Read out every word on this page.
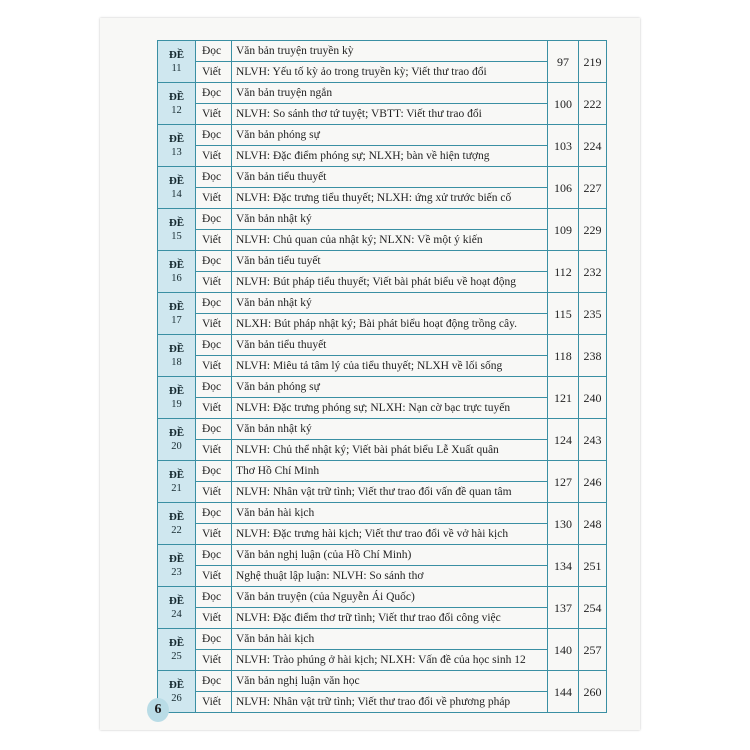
ĐỀ
11	Đọc	Văn bản truyện truyền kỳ	97	219
	Viết	NLVH: Yếu tố kỳ ảo trong truyền kỳ; Viết thư trao đổi		

ĐỀ
12	Đọc	Văn bản truyện ngắn	100	222
	Viết	NLVH: So sánh thơ tứ tuyệt; VBTT: Viết thư trao đổi		

ĐỀ
13	Đọc	Văn bản phóng sự	103	224
	Viết	NLVH: Đặc điểm phóng sự; NLXH; bàn về hiện tượng		

ĐỀ
14	Đọc	Văn bản tiểu thuyết	106	227
	Viết	NLVH: Đặc trưng tiểu thuyết; NLXH: ứng xử trước biến cố		

ĐỀ
15	Đọc	Văn bản nhật ký	109	229
	Viết	NLVH: Chủ quan của nhật ký; NLXN: Về một ý kiến		

ĐỀ
16	Đọc	Văn bản tiểu tuyết	112	232
	Viết	NLVH: Bút pháp tiểu thuyết; Viết bài phát biểu về hoạt động		

ĐỀ
17	Đọc	Văn bản nhật ký	115	235
	Viết	NLXH: Bút pháp nhật ký; Bài phát biểu hoạt động trồng cây.		

ĐỀ
18	Đọc	Văn bản tiểu thuyết	118	238
	Viết	NLVH: Miêu tả tâm lý của tiểu thuyết; NLXH về lối sống		

ĐỀ
19	Đọc	Văn bản phóng sự	121	240
	Viết	NLVH: Đặc trưng phóng sự; NLXH: Nạn cờ bạc trực tuyến		

ĐỀ
20	Đọc	Văn bản nhật ký	124	243
	Viết	NLVH: Chủ thể nhật ký; Viết bài phát biểu Lễ Xuất quân		

ĐỀ
21	Đọc	Thơ Hồ Chí Minh	127	246
	Viết	NLVH: Nhân vật trữ tình; Viết thư trao đổi vấn đề quan tâm		

ĐỀ
22	Đọc	Văn bản hài kịch	130	248
	Viết	NLVH: Đặc trưng hài kịch; Viết thư trao đổi về vở hài kịch		

ĐỀ
23	Đọc	Văn bản nghị luận (của Hồ Chí Minh)	134	251
	Viết	Nghệ thuật lập luận: NLVH: So sánh thơ		

ĐỀ
24	Đọc	Văn bản truyện (của Nguyễn Ái Quốc)	137	254
	Viết	NLVH: Đặc điểm thơ trữ tình; Viết thư trao đổi công việc		

ĐỀ
25	Đọc	Văn bản hài kịch	140	257
	Viết	NLVH: Trào phúng ở hài kịch; NLXH: Vấn đề của học sinh 12		

ĐỀ
26	Đọc	Văn bản nghị luận văn học	144	260
	Viết	NLVH: Nhân vật trữ tình; Viết thư trao đổi về phương pháp		
6
